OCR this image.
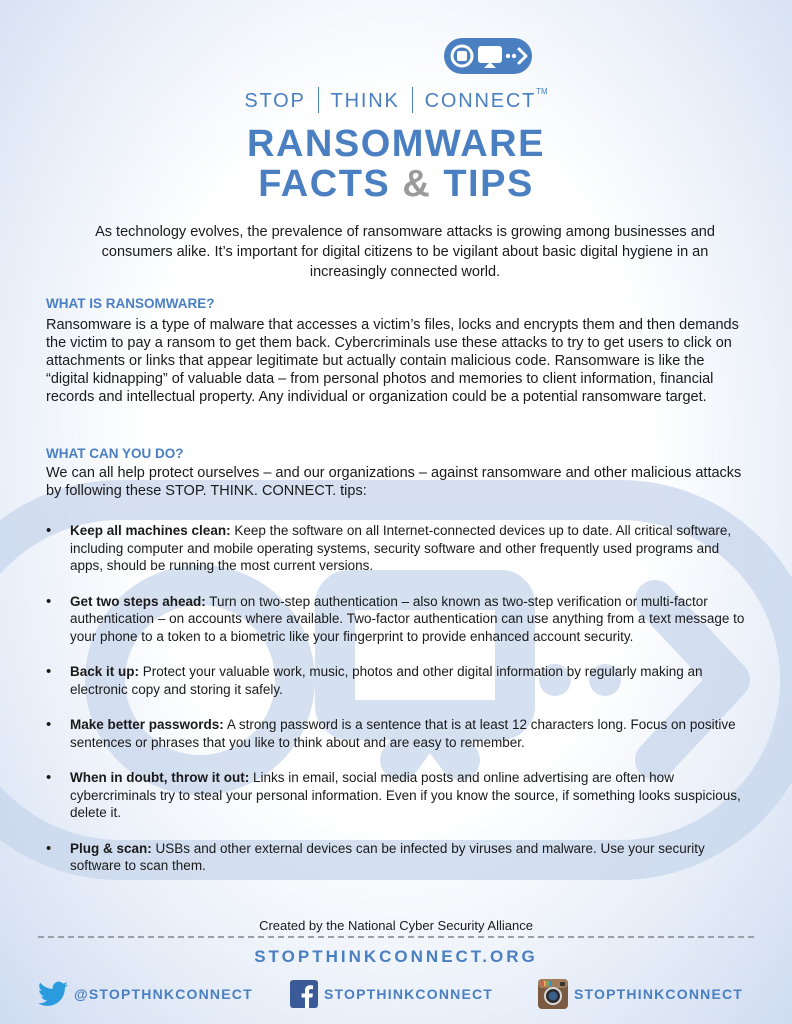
STOP THINK CONNECT™
RANSOMWARE
FACTS & TIPS
As technology evolves, the prevalence of ransomware attacks is growing among businesses and consumers alike. It’s important for digital citizens to be vigilant about basic digital hygiene in an increasingly connected world.
WHAT IS RANSOMWARE?
Ransomware is a type of malware that accesses a victim’s files, locks and encrypts them and then demands the victim to pay a ransom to get them back. Cybercriminals use these attacks to try to get users to click on attachments or links that appear legitimate but actually contain malicious code. Ransomware is like the “digital kidnapping” of valuable data – from personal photos and memories to client information, financial records and intellectual property. Any individual or organization could be a potential ransomware target.
WHAT CAN YOU DO?
We can all help protect ourselves – and our organizations – against ransomware and other malicious attacks by following these STOP. THINK. CONNECT. tips:
• Keep all machines clean: Keep the software on all Internet-connected devices up to date. All critical software, including computer and mobile operating systems, security software and other frequently used programs and apps, should be running the most current versions.
• Get two steps ahead: Turn on two-step authentication – also known as two-step verification or multi-factor authentication – on accounts where available. Two-factor authentication can use anything from a text message to your phone to a token to a biometric like your fingerprint to provide enhanced account security.
• Back it up: Protect your valuable work, music, photos and other digital information by regularly making an electronic copy and storing it safely.
• Make better passwords: A strong password is a sentence that is at least 12 characters long. Focus on positive sentences or phrases that you like to think about and are easy to remember.
• When in doubt, throw it out: Links in email, social media posts and online advertising are often how cybercriminals try to steal your personal information. Even if you know the source, if something looks suspicious, delete it.
• Plug & scan: USBs and other external devices can be infected by viruses and malware. Use your security software to scan them.
Created by the National Cyber Security Alliance
STOPTHINKCONNECT.ORG
@STOPTHNKCONNECT	STOPTHINKCONNECT	STOPTHINKCONNECT
